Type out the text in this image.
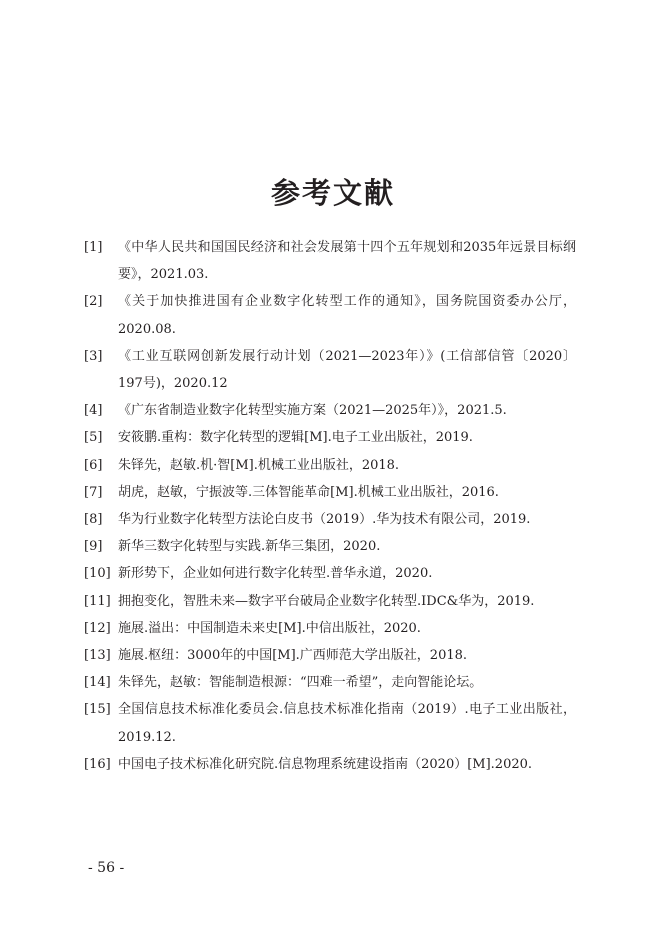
参考文献
[1]	《中华人民共和国国民经济和社会发展第十四个五年规划和2035年远景目标纲要》，2021.03.
[2]	《关于加快推进国有企业数字化转型工作的通知》，国务院国资委办公厅，2020.08.
[3]	《工业互联网创新发展行动计划（2021—2023年）》(工信部信管〔2020〕197号)，2020.12
[4]	《广东省制造业数字化转型实施方案（2021—2025年）》，2021.5.
[5]	安筱鹏.重构：数字化转型的逻辑[M].电子工业出版社，2019.
[6]	朱铎先，赵敏.机·智[M].机械工业出版社，2018.
[7]	胡虎，赵敏，宁振波等.三体智能革命[M].机械工业出版社，2016.
[8]	华为行业数字化转型方法论白皮书（2019）.华为技术有限公司，2019.
[9]	新华三数字化转型与实践.新华三集团，2020.
[10] 新形势下，企业如何进行数字化转型.普华永道，2020.
[11] 拥抱变化，智胜未来—数字平台破局企业数字化转型.IDC&华为，2019.
[12] 施展.溢出：中国制造未来史[M].中信出版社，2020.
[13] 施展.枢纽：3000年的中国[M].广西师范大学出版社，2018.
[14] 朱铎先，赵敏：智能制造根源：“四难一希望”，走向智能论坛。
[15] 全国信息技术标准化委员会.信息技术标准化指南（2019）.电子工业出版社，2019.12.
[16] 中国电子技术标准化研究院.信息物理系统建设指南（2020）[M].2020.
- 56 -
